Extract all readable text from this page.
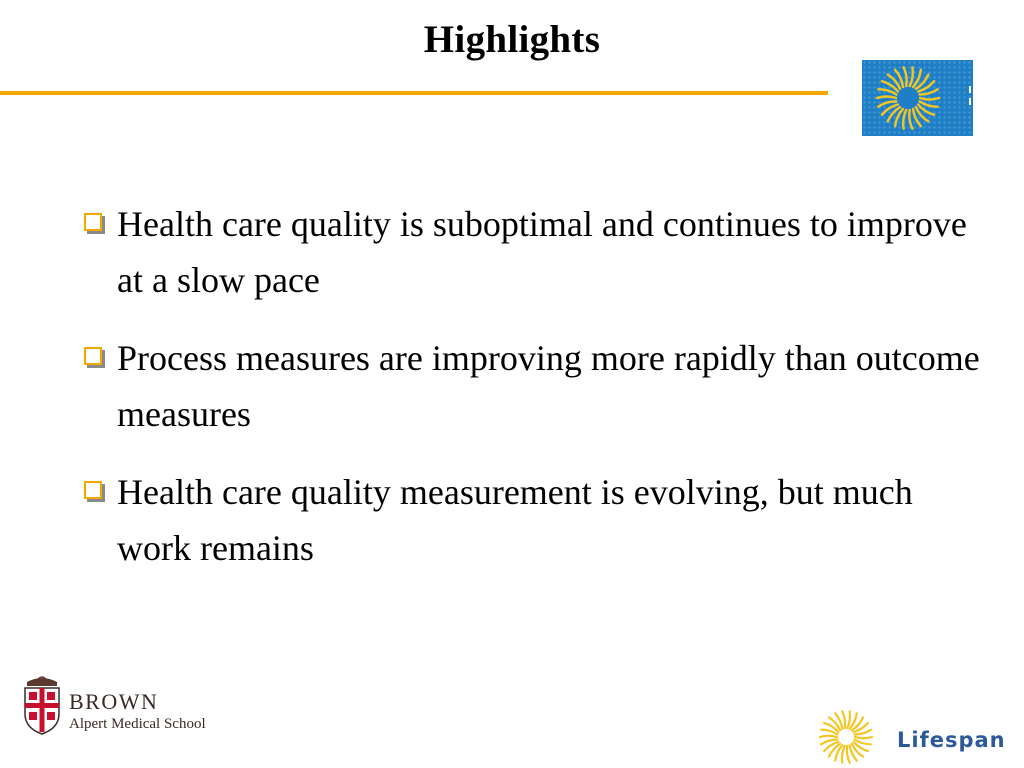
Highlights
Health care quality is suboptimal and continues to improve at a slow pace
Process measures are improving more rapidly than outcome measures
Health care quality measurement is evolving, but much work remains
BROWN
Alpert Medical School
Lifespan
